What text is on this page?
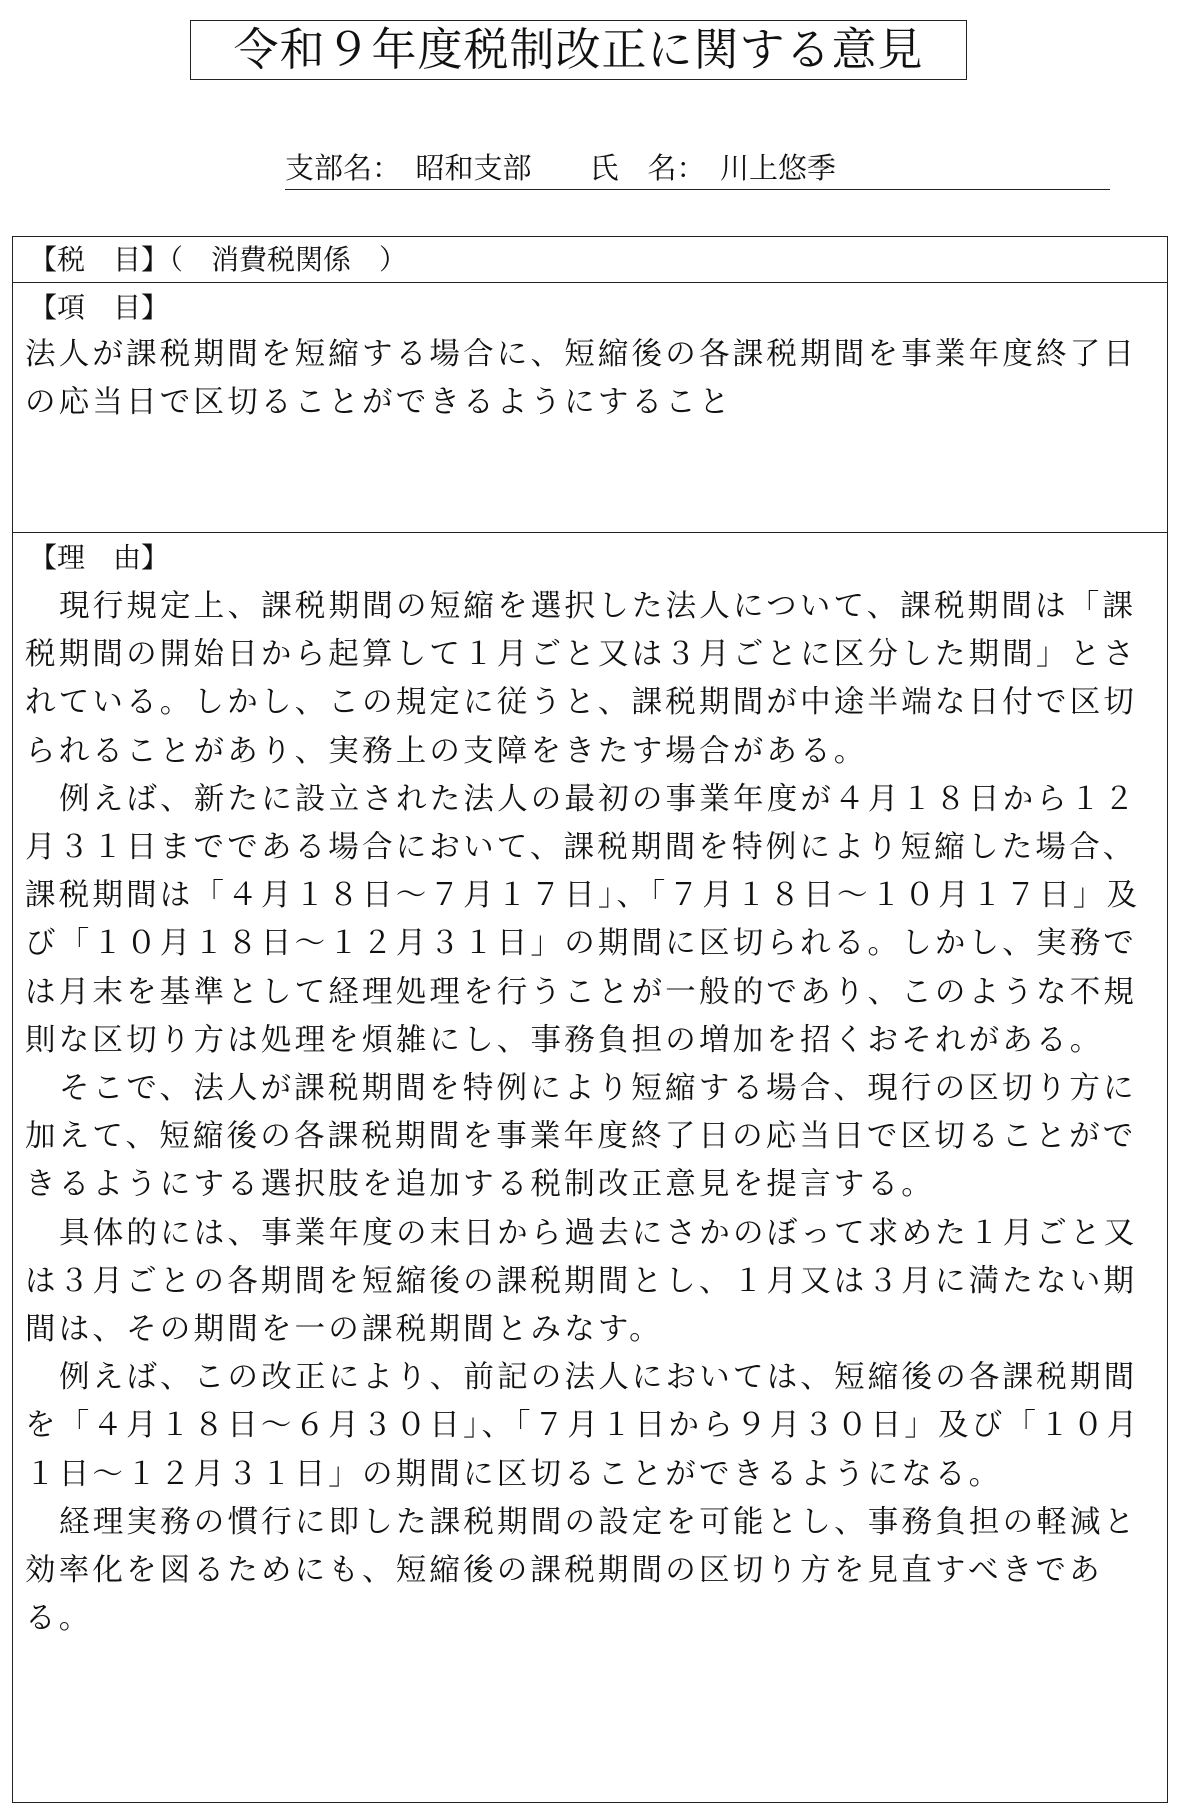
令和９年度税制改正に関する意見
支部名：　昭和支部　　氏　名：　川上悠季
【税　目】（　消費税関係　）
【項　目】
法人が課税期間を短縮する場合に、短縮後の各課税期間を事業年度終了日の応当日で区切ることができるようにすること
【理　由】

現行規定上、課税期間の短縮を選択した法人について、課税期間は「課税期間の開始日から起算して１月ごと又は３月ごとに区分した期間」とされている。しかし、この規定に従うと、課税期間が中途半端な日付で区切られることがあり、実務上の支障をきたす場合がある。

例えば、新たに設立された法人の最初の事業年度が４月１８日から１２月３１日までである場合において、課税期間を特例により短縮した場合、課税期間は「４月１８日～７月１７日」、「７月１８日～１０月１７日」及び「１０月１８日～１２月３１日」の期間に区切られる。しかし、実務では月末を基準として経理処理を行うことが一般的であり、このような不規則な区切り方は処理を煩雑にし、事務負担の増加を招くおそれがある。

そこで、法人が課税期間を特例により短縮する場合、現行の区切り方に加えて、短縮後の各課税期間を事業年度終了日の応当日で区切ることができるようにする選択肢を追加する税制改正意見を提言する。

具体的には、事業年度の末日から過去にさかのぼって求めた１月ごと又は３月ごとの各期間を短縮後の課税期間とし、１月又は３月に満たない期間は、その期間を一の課税期間とみなす。

例えば、この改正により、前記の法人においては、短縮後の各課税期間を「４月１８日～６月３０日」、「７月１日から９月３０日」及び「１０月１日～１２月３１日」の期間に区切ることができるようになる。

経理実務の慣行に即した課税期間の設定を可能とし、事務負担の軽減と効率化を図るためにも、短縮後の課税期間の区切り方を見直すべきである。
